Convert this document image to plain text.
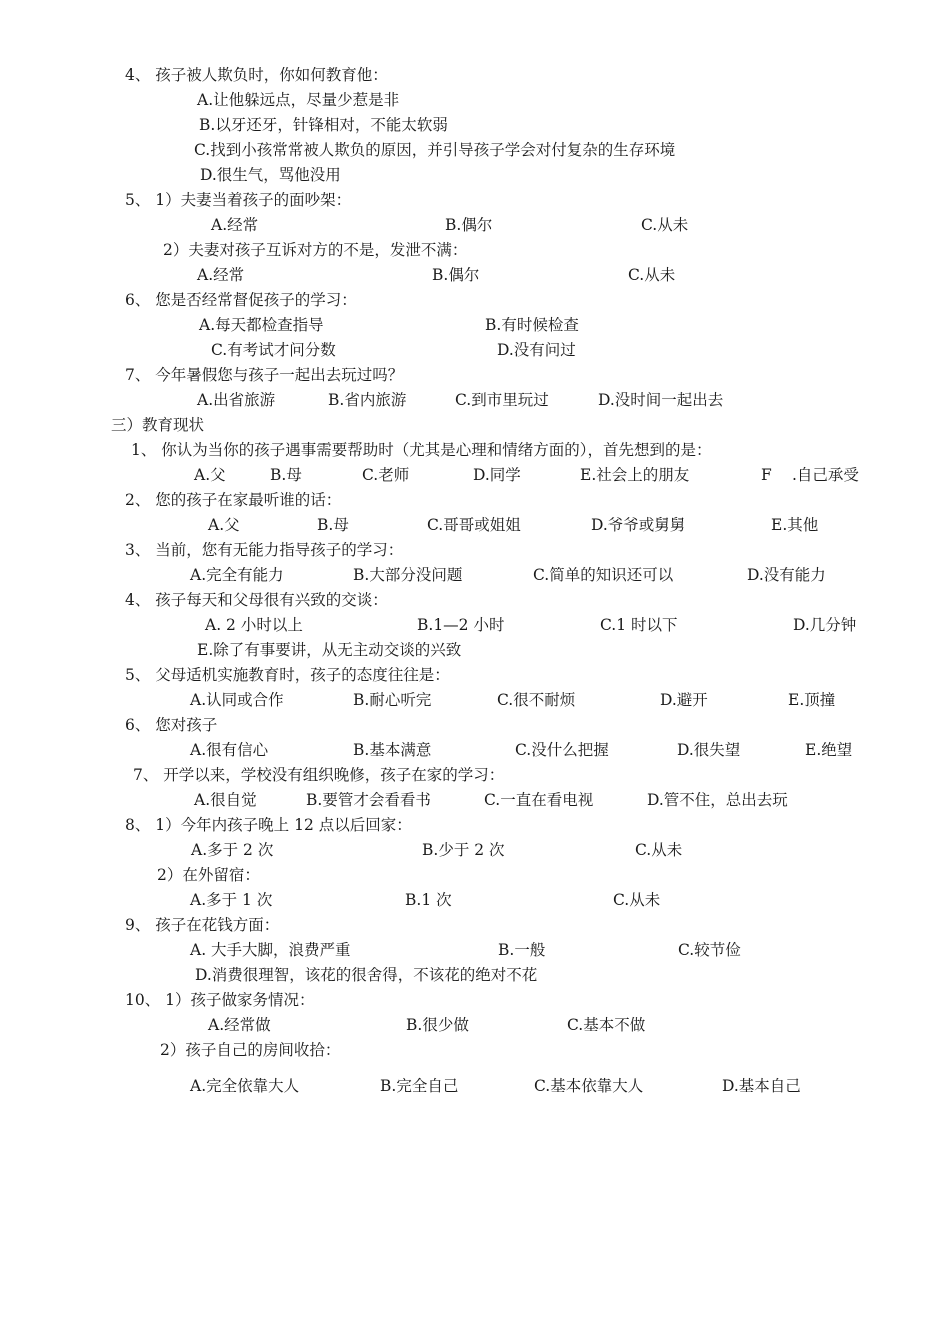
4、 孩子被人欺负时，你如何教育他：
A.让他躲远点，尽量少惹是非
B.以牙还牙，针锋相对，不能太软弱
C.找到小孩常常被人欺负的原因，并引导孩子学会对付复杂的生存环境
D.很生气，骂他没用
5、 1）夫妻当着孩子的面吵架：
A.经常	B.偶尔	C.从未
2）夫妻对孩子互诉对方的不是，发泄不满：
A.经常	B.偶尔	C.从未
6、 您是否经常督促孩子的学习：
A.每天都检查指导	B.有时候检查
C.有考试才问分数	D.没有问过
7、 今年暑假您与孩子一起出去玩过吗？
A.出省旅游	B.省内旅游	C.到市里玩过	D.没时间一起出去
三）教育现状
1、 你认为当你的孩子遇事需要帮助时（尤其是心理和情绪方面的），首先想到的是：
A.父	B.母	C.老师	D.同学	E.社会上的朋友	F .自己承受
2、 您的孩子在家最听谁的话：
A.父	B.母	C.哥哥或姐姐	D.爷爷或舅舅	E.其他
3、 当前，您有无能力指导孩子的学习：
A.完全有能力	B.大部分没问题	C.简单的知识还可以	D.没有能力
4、 孩子每天和父母很有兴致的交谈：
A. 2 小时以上	B.1—2 小时	C.1 时以下	D.几分钟
E.除了有事要讲，从无主动交谈的兴致
5、 父母适机实施教育时，孩子的态度往往是：
A.认同或合作	B.耐心听完	C.很不耐烦	D.避开	E.顶撞
6、 您对孩子
A.很有信心	B.基本满意	C.没什么把握	D.很失望	E.绝望
7、 开学以来，学校没有组织晚修，孩子在家的学习：
A.很自觉	B.要管才会看看书	C.一直在看电视	D.管不住，总出去玩
8、 1）今年内孩子晚上 12 点以后回家：
A.多于 2 次	B.少于 2 次	C.从未
2）在外留宿：
A.多于 1 次	B.1 次	C.从未
9、 孩子在花钱方面：
A. 大手大脚，浪费严重	B.一般	C.较节俭
D.消费很理智，该花的很舍得，不该花的绝对不花
10、 1）孩子做家务情况：
A.经常做	B.很少做	C.基本不做
2）孩子自己的房间收拾：
A.完全依靠大人	B.完全自己	C.基本依靠大人	D.基本自己
